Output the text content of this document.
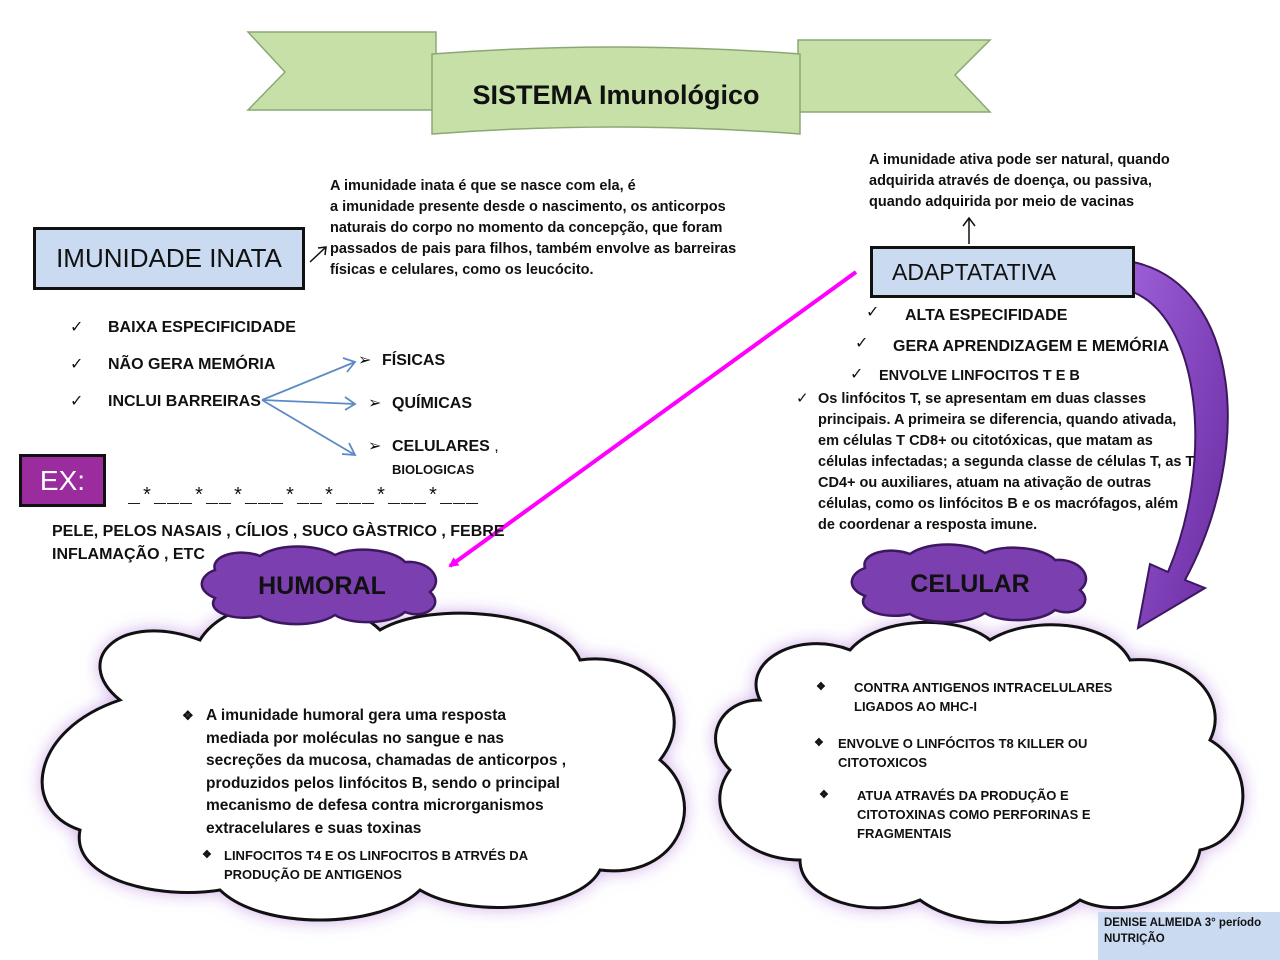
SISTEMA Imunológico
IMUNIDADE INATA
A imunidade inata é que se nasce com ela, é
a imunidade presente desde o nascimento, os anticorpos
naturais do corpo no momento da concepção, que foram
passados de pais para filhos, também envolve as barreiras
físicas e celulares, como os leucócito.
✓ BAIXA ESPECIFICIDADE
✓ NÃO GERA MEMÓRIA
✓ INCLUI BARREIRAS
➢ FÍSICAS
➢ QUÍMICAS
➢ CELULARES ,
BIOLOGICAS
EX:
_*___*__*___*__*___*___*___
PELE, PELOS NASAIS , CÍLIOS , SUCO GÀSTRICO , FEBRE
INFLAMAÇÃO , ETC
ADAPTATATIVA
A imunidade ativa pode ser natural, quando
adquirida através de doença, ou passiva,
quando adquirida por meio de vacinas
ALTA ESPECIFIDADE
✓
GERA APRENDIZAGEM E MEMÓRIA
✓
ENVOLVE LINFOCITOS T E B
✓
✓ Os linfócitos T, se apresentam em duas classes
principais. A primeira se diferencia, quando ativada,
em células T CD8+ ou citotóxicas, que matam as
células infectadas; a segunda classe de células T, as T
CD4+ ou auxiliares, atuam na ativação de outras
células, como os linfócitos B e os macrófagos, além
de coordenar a resposta imune.
HUMORAL	CELULAR
❖ A imunidade humoral gera uma resposta
mediada por moléculas no sangue e nas
secreções da mucosa, chamadas de anticorpos ,
produzidos pelos linfócitos B, sendo o principal
mecanismo de defesa contra microrganismos
extracelulares e suas toxinas
❖ LINFOCITOS T4 E OS LINFOCITOS B ATRVÉS DA
PRODUÇÃO DE ANTIGENOS
❖ CONTRA ANTIGENOS INTRACELULARES
LIGADOS AO MHC-I
❖ ENVOLVE O LINFÓCITOS T8 KILLER OU
CITOTOXICOS
❖ ATUA ATRAVÉS DA PRODUÇÃO E
CITOTOXINAS COMO PERFORINAS E
FRAGMENTAIS
DENISE ALMEIDA 3° período
NUTRIÇÃO
